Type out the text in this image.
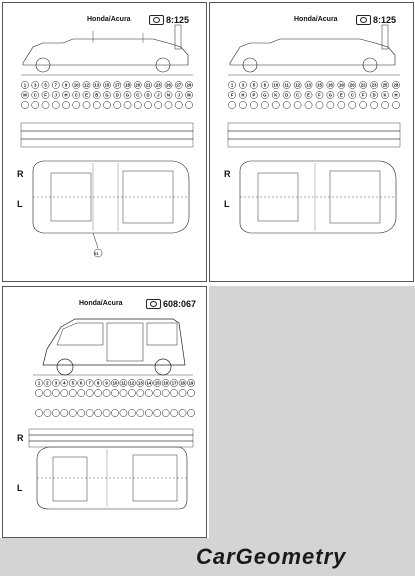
Honda/Acura	8:125
1 3 5 7 9 10 12 13 15 17 18 20 21 23 26 27 29
M C F J H C E B G D G C D J N J M
23
R
L
Honda/Acura	8:125
1 3 5 8 10 11 12 13 15 16 19 20 22 23 25 28
F H P G K D C E F G E C F D K H
R
L
Honda/Acura	608:067
1 2 3 4 5 6 7 8 9 10 11 12 13 14 15 16 17 18 19
R
L
CarGeometry
